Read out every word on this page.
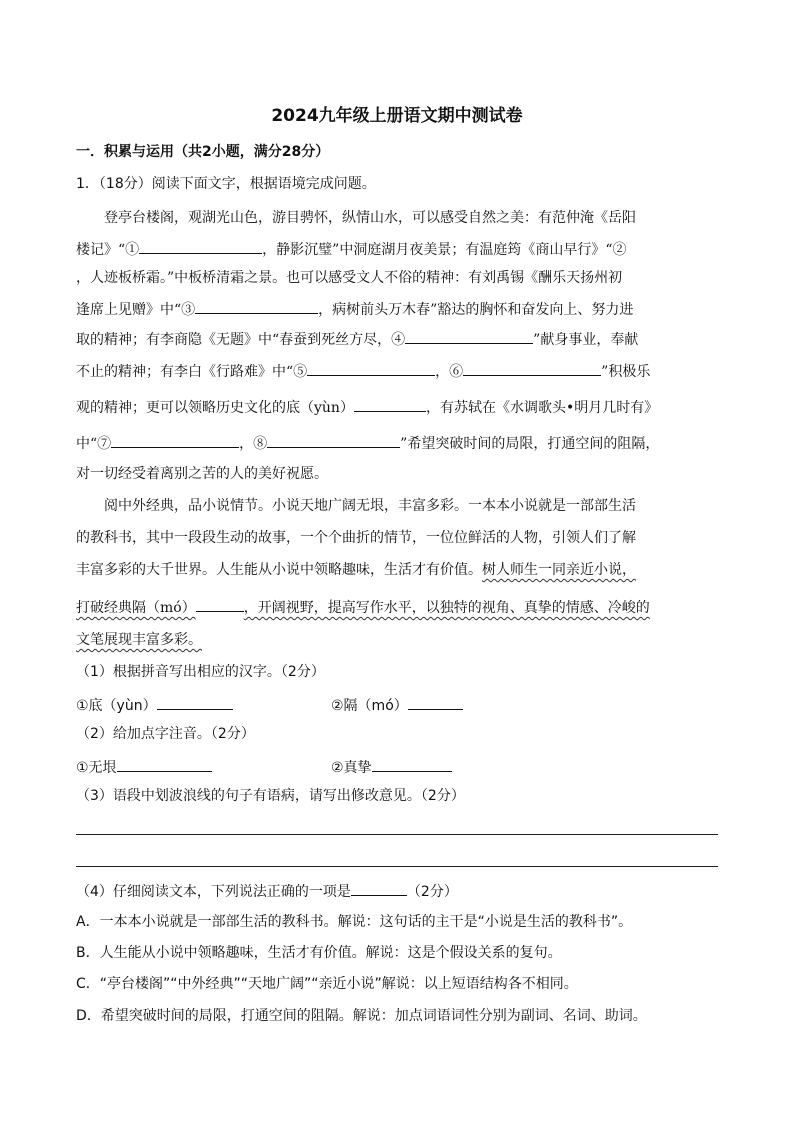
2024九年级上册语文期中测试卷
一．积累与运用（共2小题，满分28分）
1．（18分）阅读下面文字，根据语境完成问题。
登亭台楼阁，观湖光山色，游目骋怀，纵情山水，可以感受自然之美：有范仲淹《岳阳
楼记》“①	，静影沉璧”中洞庭湖月夜美景；有温庭筠《商山早行》“②
，人迹板桥霜。”中板桥清霜之景。也可以感受文人不俗的精神：有刘禹锡《酬乐天扬州初
逢席上见赠》中“③	，病树前头万木春”豁达的胸怀和奋发向上、努力进
取的精神；有李商隐《无题》中“春蚕到死丝方尽，④	”献身事业，奉献
不止的精神；有李白《行路难》中“⑤	，⑥	”积极乐
观的精神；更可以领略历史文化的底（yùn）	，有苏轼在《水调歌头•明月几时有》
中“⑦	，⑧	”希望突破时间的局限，打通空间的阻隔，
对一切经受着离别之苦的人的美好祝愿。
阅中外经典，品小说情节。小说天地广阔无垠，丰富多彩。一本本小说就是一部部生活
的教科书，其中一段段生动的故事，一个个曲折的情节，一位位鲜活的人物，引领人们了解
丰富多彩的大千世界。人生能从小说中领略趣味，生活才有价值。树人师生一同亲近小说，
打破经典隔（mó）	，开阔视野，提高写作水平，以独特的视角、真挚的情感、冷峻的
文笔展现丰富多彩。
（1）根据拼音写出相应的汉字。（2分）
①底（yùn）	②隔（mó）
（2）给加点字注音。（2分）
①无垠	②真挚
（3）语段中划波浪线的句子有语病，请写出修改意见。（2分）
（4）仔细阅读文本，下列说法正确的一项是	（2分）
A．一本本小说就是一部部生活的教科书。解说：这句话的主干是“小说是生活的教科书”。
B．人生能从小说中领略趣味，生活才有价值。解说：这是个假设关系的复句。
C．“亭台楼阁”“中外经典”“天地广阔”“亲近小说”解说：以上短语结构各不相同。
D．希望突破时间的局限，打通空间的阻隔。解说：加点词语词性分别为副词、名词、助词。
